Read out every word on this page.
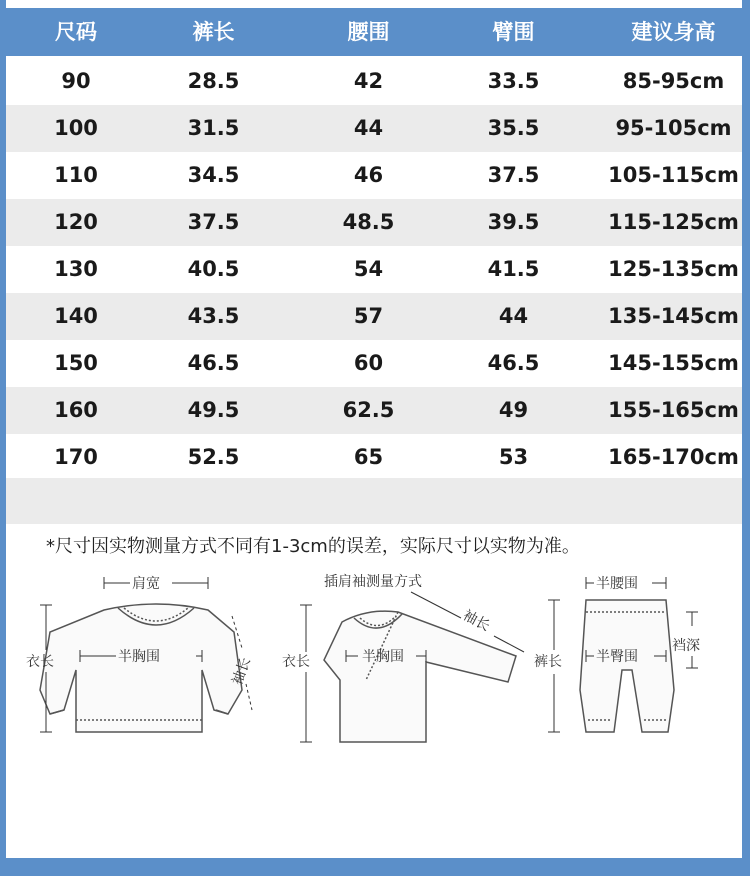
尺码	裤长	腰围	臂围	建议身高
90	28.5	42	33.5	85-95cm
100	31.5	44	35.5	95-105cm
110	34.5	46	37.5	105-115cm
120	37.5	48.5	39.5	115-125cm
130	40.5	54	41.5	125-135cm
140	43.5	57	44	135-145cm
150	46.5	60	46.5	145-155cm
160	49.5	62.5	49	155-165cm
170	52.5	65	53	165-170cm
*尺寸因实物测量方式不同有1-3cm的误差，实际尺寸以实物为准。
肩宽
衣长	半胸围	袖长
插肩袖测量方式
衣长	半胸围
袖长
半腰围
裤长 半臀围
裆深
